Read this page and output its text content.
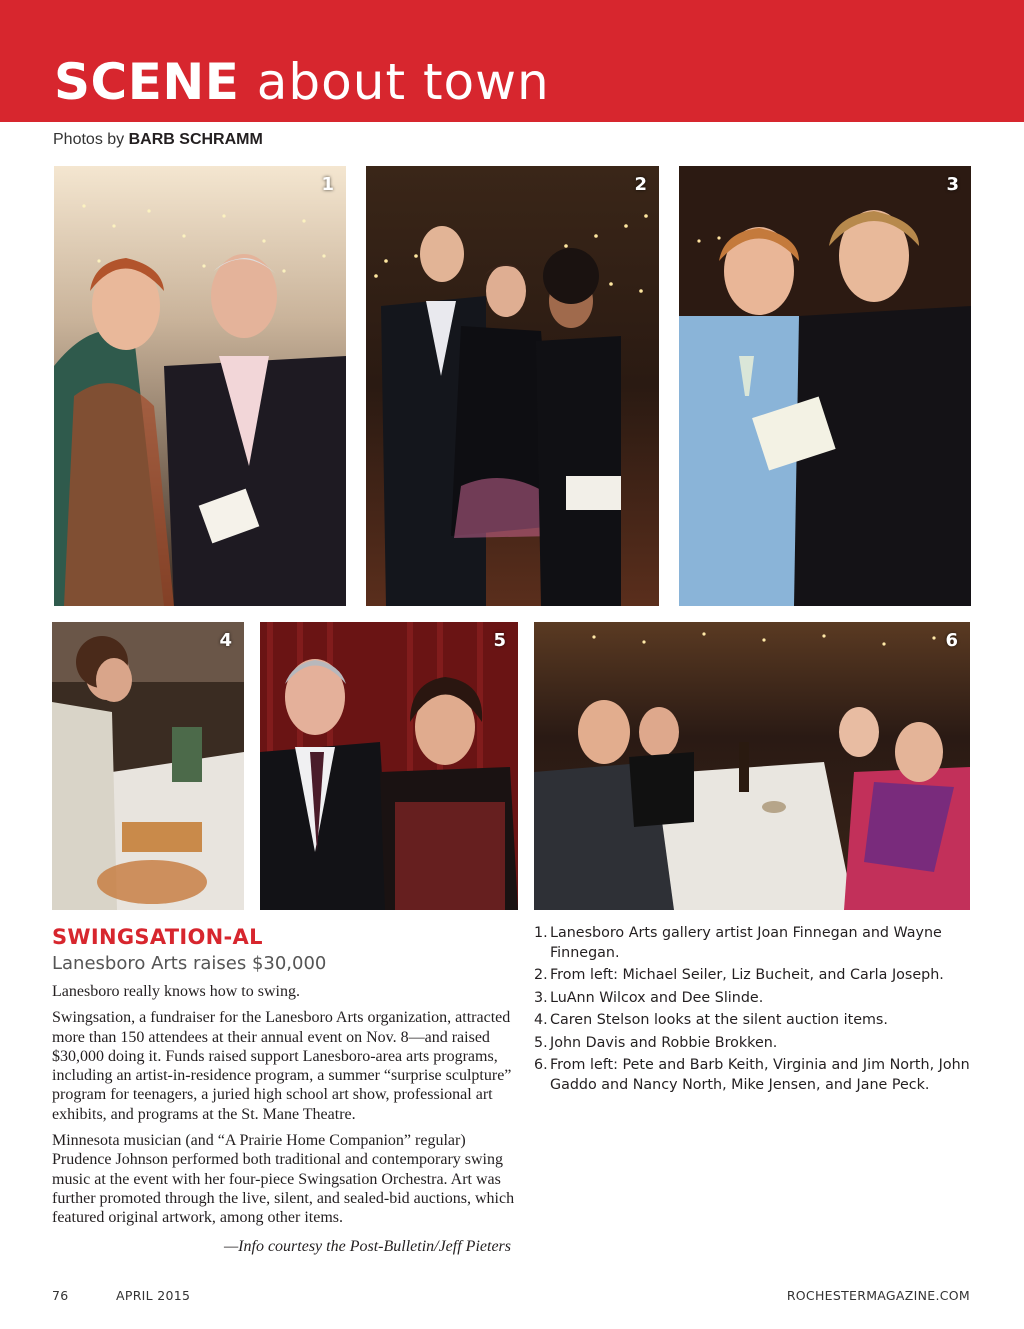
SCENE about town
Photos by BARB SCHRAMM
1	2	3
4	5	6
SWINGSATION-AL
Lanesboro Arts raises $30,000

Lanesboro really knows how to swing.

Swingsation, a fundraiser for the Lanesboro Arts organization, attracted more than 150 attendees at their annual event on Nov. 8—and raised $30,000 doing it. Funds raised support Lanesboro-area arts programs, including an artist-in-residence program, a summer “surprise sculpture” program for teenagers, a juried high school art show, professional art exhibits, and programs at the St. Mane Theatre.

Minnesota musician (and “A Prairie Home Companion” regular) Prudence Johnson performed both traditional and contemporary swing music at the event with her four-piece Swingsation Orchestra. Art was further promoted through the live, silent, and sealed-bid auctions, which featured original artwork, among other items.

—Info courtesy the Post-Bulletin/Jeff Pieters
1. Lanesboro Arts gallery artist Joan Finnegan and Wayne Finnegan.
2. From left: Michael Seiler, Liz Bucheit, and Carla Joseph.
3. LuAnn Wilcox and Dee Slinde.
4. Caren Stelson looks at the silent auction items.
5. John Davis and Robbie Brokken.
6. From left: Pete and Barb Keith, Virginia and Jim North, John Gaddo and Nancy North, Mike Jensen, and Jane Peck.
76	APRIL 2015	ROCHESTERMAGAZINE.COM
